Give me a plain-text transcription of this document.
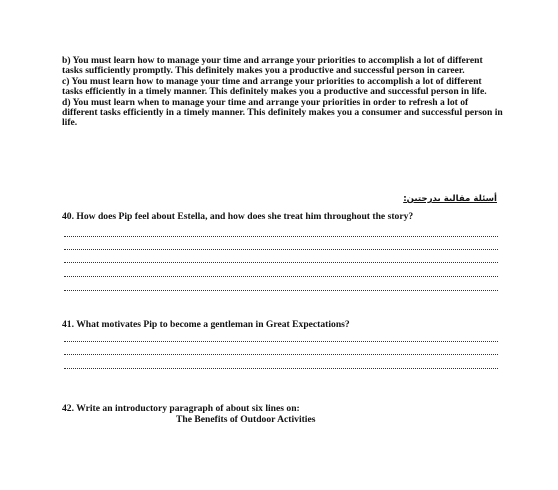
b) You must learn how to manage your time and arrange your priorities to accomplish a lot of different tasks sufficiently promptly. This definitely makes you a productive and successful person in career.

c) You must learn how to manage your time and arrange your priorities to accomplish a lot of different tasks efficiently in a timely manner. This definitely makes you a productive and successful person in life.

d) You must learn when to manage your time and arrange your priorities in order to refresh a lot of different tasks efficiently in a timely manner. This definitely makes you a consumer and successful person in life.

أسئلة مقالية بدرجتين:
40. How does Pip feel about Estella, and how does she treat him throughout the story?
41. What motivates Pip to become a gentleman in Great Expectations?
42. Write an introductory paragraph of about six lines on:
The Benefits of Outdoor Activities
